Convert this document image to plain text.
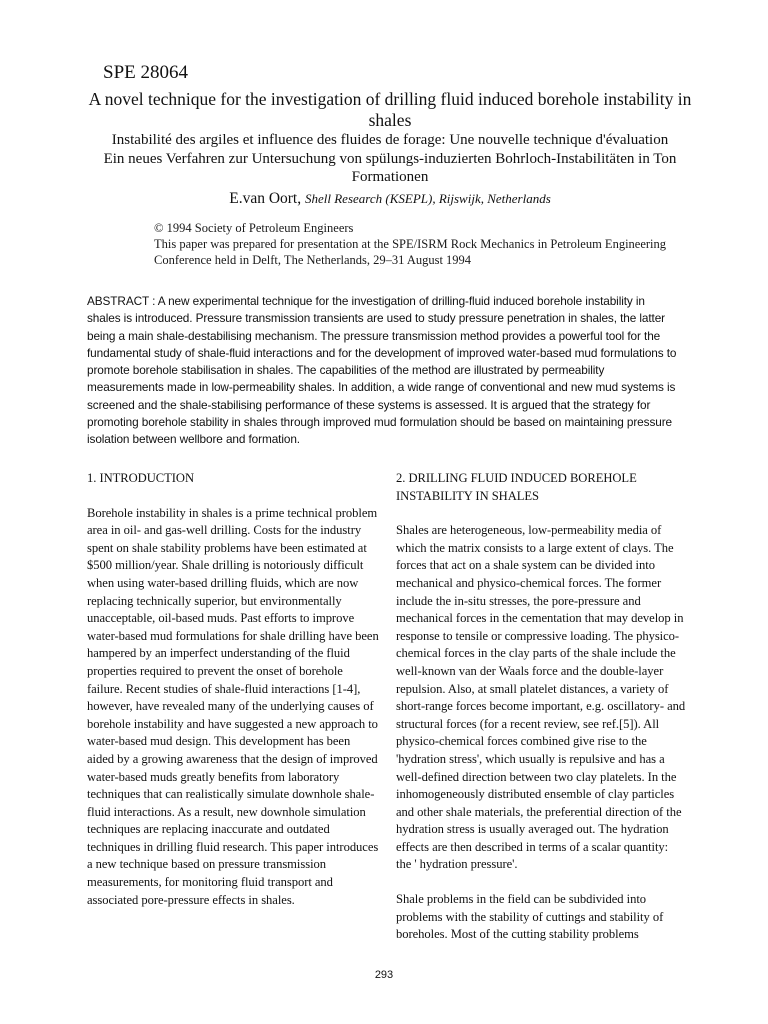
SPE 28064
A novel technique for the investigation of drilling fluid induced borehole instability in shales
Instabilité des argiles et influence des fluides de forage: Une nouvelle technique d'évaluation
Ein neues Verfahren zur Untersuchung von spülungs-induzierten Bohrloch-Instabilitäten in Ton Formationen
E.van Oort, Shell Research (KSEPL), Rijswijk, Netherlands
© 1994 Society of Petroleum Engineers
This paper was prepared for presentation at the SPE/ISRM Rock Mechanics in Petroleum Engineering Conference held in Delft, The Netherlands, 29–31 August 1994
ABSTRACT : A new experimental technique for the investigation of drilling-fluid induced borehole instability in shales is introduced. Pressure transmission transients are used to study pressure penetration in shales, the latter being a main shale-destabilising mechanism. The pressure transmission method provides a powerful tool for the fundamental study of shale-fluid interactions and for the development of improved water-based mud formulations to promote borehole stabilisation in shales. The capabilities of the method are illustrated by permeability measurements made in low-permeability shales. In addition, a wide range of conventional and new mud systems is screened and the shale-stabilising performance of these systems is assessed. It is argued that the strategy for promoting borehole stability in shales through improved mud formulation should be based on maintaining pressure isolation between wellbore and formation.
1. INTRODUCTION
Borehole instability in shales is a prime technical problem area in oil- and gas-well drilling. Costs for the industry spent on shale stability problems have been estimated at $500 million/year. Shale drilling is notoriously difficult when using water-based drilling fluids, which are now replacing technically superior, but environmentally unacceptable, oil-based muds. Past efforts to improve water-based mud formulations for shale drilling have been hampered by an imperfect understanding of the fluid properties required to prevent the onset of borehole failure. Recent studies of shale-fluid interactions [1-4], however, have revealed many of the underlying causes of borehole instability and have suggested a new approach to water-based mud design. This development has been aided by a growing awareness that the design of improved water-based muds greatly benefits from laboratory techniques that can realistically simulate downhole shale-fluid interactions. As a result, new downhole simulation techniques are replacing inaccurate and outdated techniques in drilling fluid research. This paper introduces a new technique based on pressure transmission measurements, for monitoring fluid transport and associated pore-pressure effects in shales.
2. DRILLING FLUID INDUCED BOREHOLE INSTABILITY IN SHALES
Shales are heterogeneous, low-permeability media of which the matrix consists to a large extent of clays. The forces that act on a shale system can be divided into mechanical and physico-chemical forces. The former include the in-situ stresses, the pore-pressure and mechanical forces in the cementation that may develop in response to tensile or compressive loading. The physico-chemical forces in the clay parts of the shale include the well-known van der Waals force and the double-layer repulsion. Also, at small platelet distances, a variety of short-range forces become important, e.g. oscillatory- and structural forces (for a recent review, see ref.[5]). All physico-chemical forces combined give rise to the 'hydration stress', which usually is repulsive and has a well-defined direction between two clay platelets. In the inhomogeneously distributed ensemble of clay particles and other shale materials, the preferential direction of the hydration stress is usually averaged out. The hydration effects are then described in terms of a scalar quantity: the ' hydration pressure'.
Shale problems in the field can be subdivided into problems with the stability of cuttings and stability of boreholes. Most of the cutting stability problems
293
